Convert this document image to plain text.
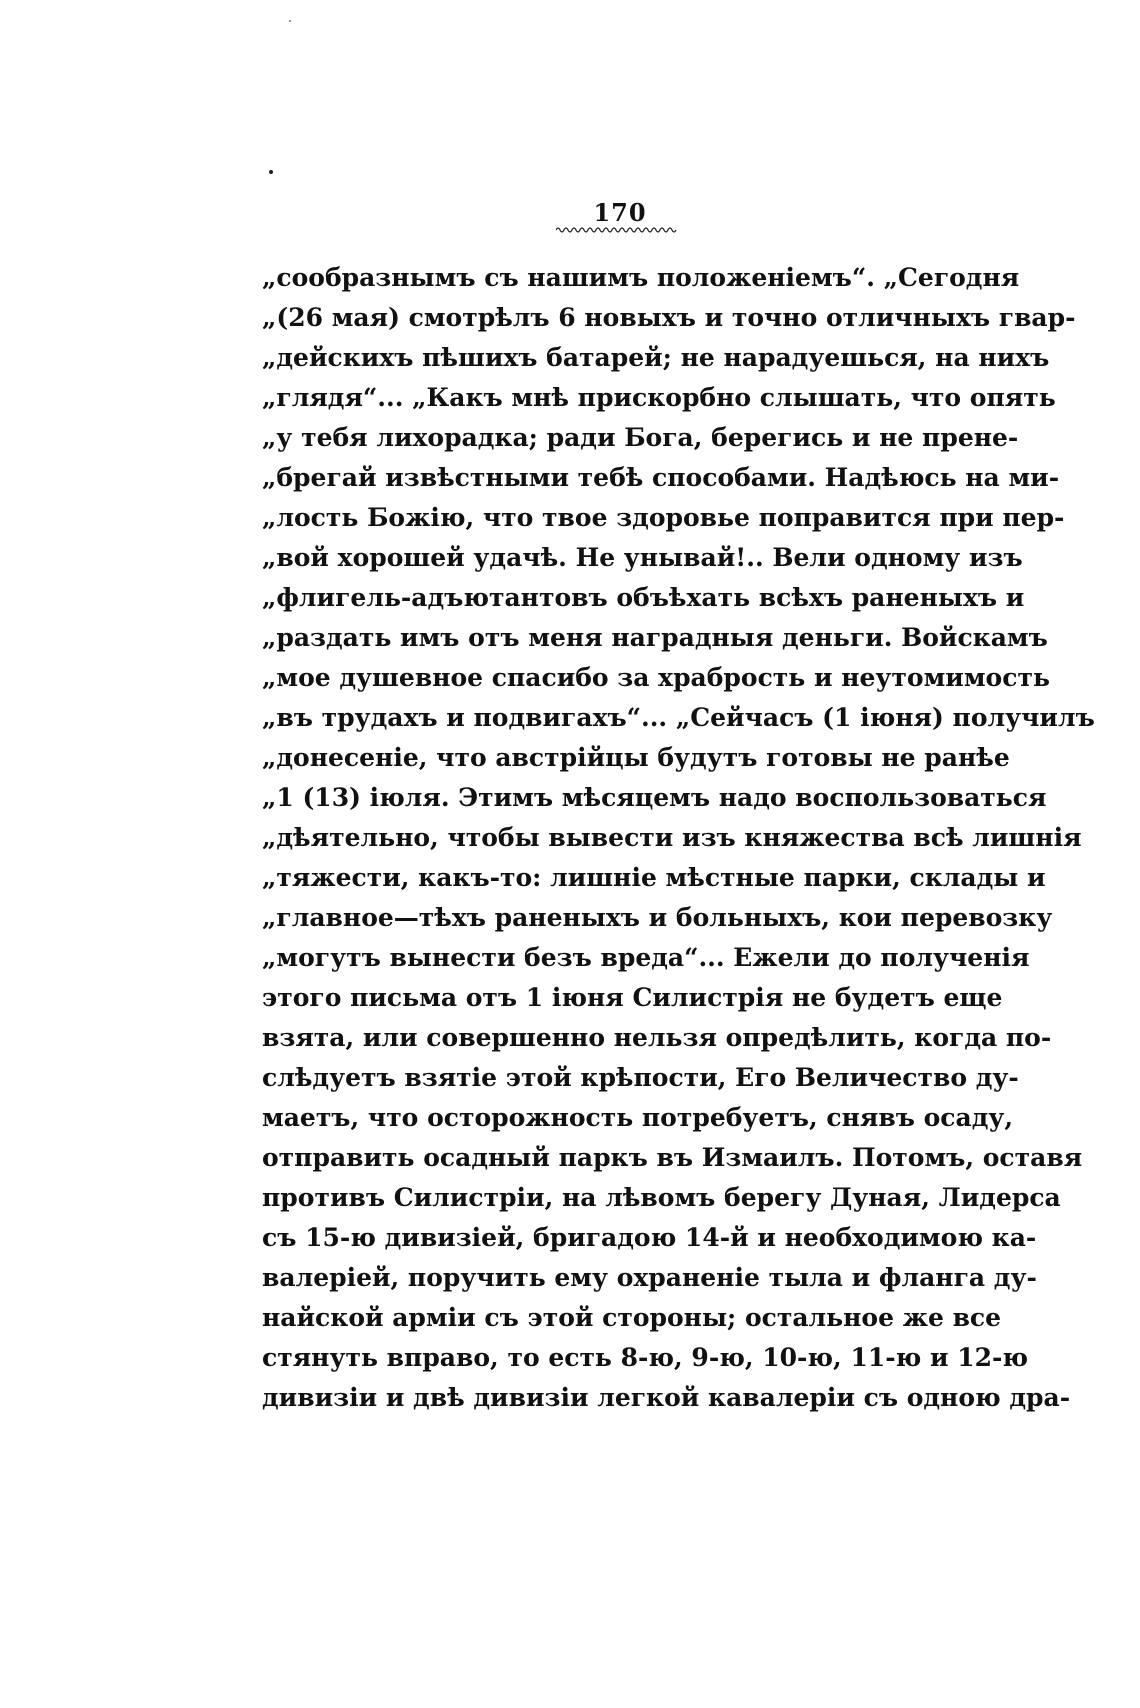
170
„сообразнымъ съ нашимъ положеніемъ“. „Сегодня
„(26 мая) смотрѣлъ 6 новыхъ и точно отличныхъ гвар-
„дейскихъ пѣшихъ батарей; не нарадуешься, на нихъ
„глядя“... „Какъ мнѣ прискорбно слышать, что опять
„у тебя лихорадка; ради Бога, берегись и не прене-
„брегай извѣстными тебѣ способами. Надѣюсь на ми-
„лость Божію, что твое здоровье поправится при пер-
„вой хорошей удачѣ. Не унывай!.. Вели одному изъ
„флигель-адъютантовъ объѣхать всѣхъ раненыхъ и
„раздать имъ отъ меня наградныя деньги. Войскамъ
„мое душевное спасибо за храбрость и неутомимость
„въ трудахъ и подвигахъ“... „Сейчасъ (1 іюня) получилъ
„донесеніе, что австрійцы будутъ готовы не ранѣе
„1 (13) іюля. Этимъ мѣсяцемъ надо воспользоваться
„дѣятельно, чтобы вывести изъ княжества всѣ лишнія
„тяжести, какъ-то: лишніе мѣстные парки, склады и
„главное—тѣхъ раненыхъ и больныхъ, кои перевозку
„могутъ вынести безъ вреда“... Ежели до полученія
этого письма отъ 1 іюня Силистрія не будетъ еще
взята, или совершенно нельзя опредѣлить, когда по-
слѣдуетъ взятіе этой крѣпости, Его Величество ду-
маетъ, что осторожность потребуетъ, снявъ осаду,
отправить осадный паркъ въ Измаилъ. Потомъ, оставя
противъ Силистріи, на лѣвомъ берегу Дуная, Лидерса
съ 15-ю дивизіей, бригадою 14-й и необходимою ка-
валеріей, поручить ему охраненіе тыла и фланга ду-
найской арміи съ этой стороны; остальное же все
стянуть вправо, то есть 8-ю, 9-ю, 10-ю, 11-ю и 12-ю
дивизіи и двѣ дивизіи легкой кавалеріи съ одною дра-
